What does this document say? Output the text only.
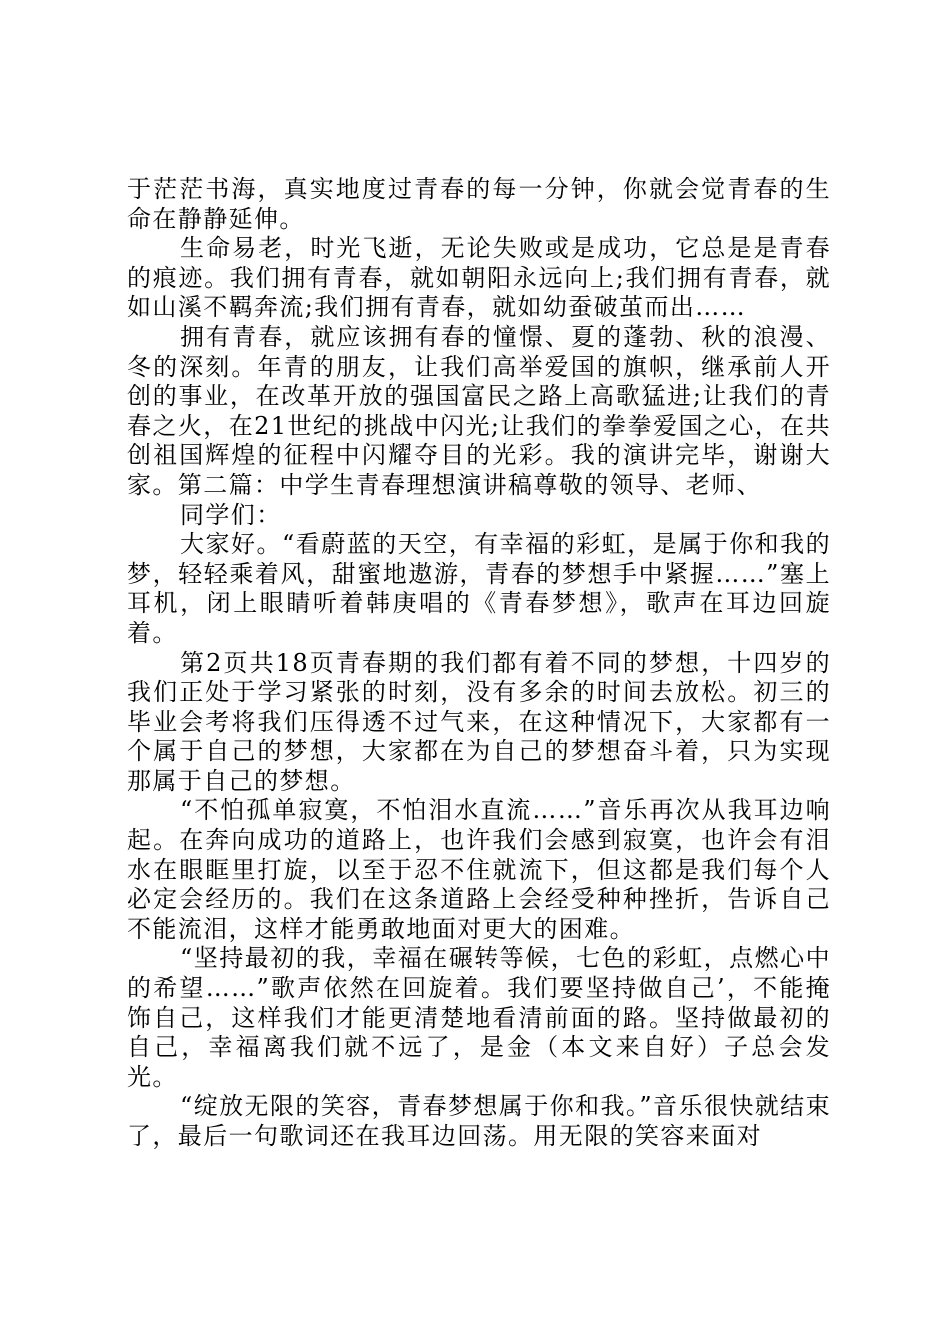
于茫茫书海，真实地度过青春的每一分钟，你就会觉青春的生命在静静延伸。

生命易老，时光飞逝，无论失败或是成功，它总是是青春的痕迹。我们拥有青春，就如朝阳永远向上;我们拥有青春，就如山溪不羁奔流;我们拥有青春，就如幼蚕破茧而出……

拥有青春，就应该拥有春的憧憬、夏的蓬勃、秋的浪漫、冬的深刻。年青的朋友，让我们高举爱国的旗帜，继承前人开创的事业，在改革开放的强国富民之路上高歌猛进;让我们的青春之火，在21世纪的挑战中闪光;让我们的拳拳爱国之心，在共创祖国辉煌的征程中闪耀夺目的光彩。我的演讲完毕，谢谢大家。第二篇：中学生青春理想演讲稿尊敬的领导、老师、

同学们：

大家好。“看蔚蓝的天空，有幸福的彩虹，是属于你和我的梦，轻轻乘着风，甜蜜地遨游，青春的梦想手中紧握……”塞上耳机，闭上眼睛听着韩庚唱的《青春梦想》，歌声在耳边回旋着。

第2页共18页青春期的我们都有着不同的梦想，十四岁的我们正处于学习紧张的时刻，没有多余的时间去放松。初三的毕业会考将我们压得透不过气来，在这种情况下，大家都有一个属于自己的梦想，大家都在为自己的梦想奋斗着，只为实现那属于自己的梦想。

“不怕孤单寂寞，不怕泪水直流……”音乐再次从我耳边响起。在奔向成功的道路上，也许我们会感到寂寞，也许会有泪水在眼眶里打旋，以至于忍不住就流下，但这都是我们每个人必定会经历的。我们在这条道路上会经受种种挫折，告诉自己不能流泪，这样才能勇敢地面对更大的困难。

“坚持最初的我，幸福在碾转等候，七色的彩虹，点燃心中的希望……”歌声依然在回旋着。我们要坚持做自己’，不能掩饰自己，这样我们才能更清楚地看清前面的路。坚持做最初的自己，幸福离我们就不远了，是金（本文来自好）子总会发光。

“绽放无限的笑容，青春梦想属于你和我。”音乐很快就结束了，最后一句歌词还在我耳边回荡。用无限的笑容来面对
